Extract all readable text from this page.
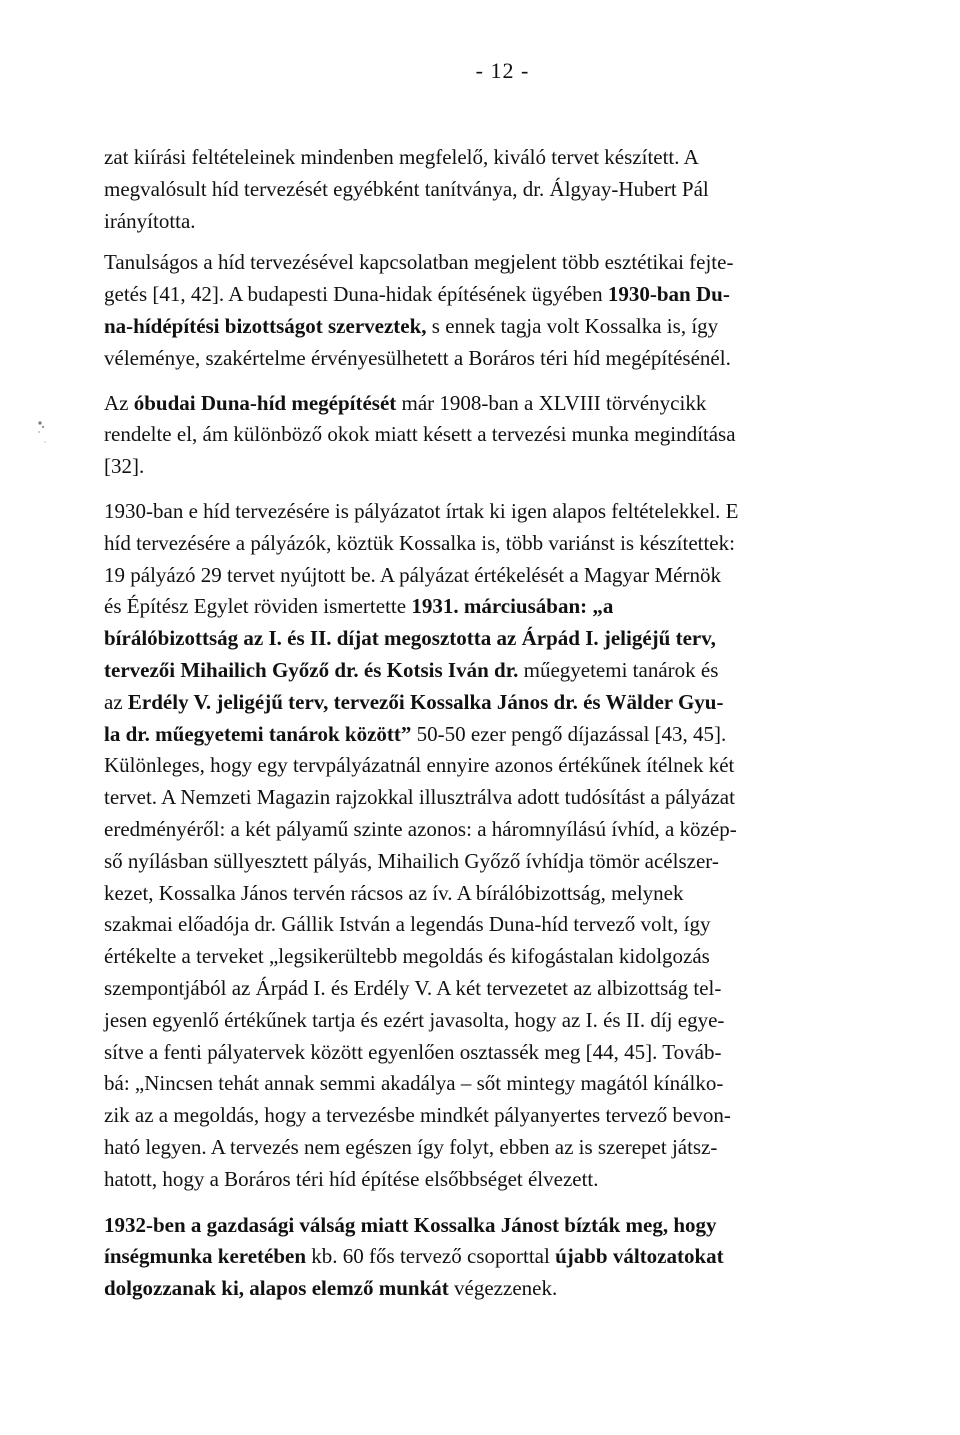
- 12 -

zat kiírási feltételeinek mindenben megfelelő, kiváló tervet készített. A
megvalósult híd tervezését egyébként tanítványa, dr. Álgyay-Hubert Pál
irányította.

Tanulságos a híd tervezésével kapcsolatban megjelent több esztétikai fejte-
getés [41, 42]. A budapesti Duna-hidak építésének ügyében 1930-ban Du-
na-hídépítési bizottságot szerveztek, s ennek tagja volt Kossalka is, így
véleménye, szakértelme érvényesülhetett a Boráros téri híd megépítésénél.

Az óbudai Duna-híd megépítését már 1908-ban a XLVIII törvénycikk
rendelte el, ám különböző okok miatt késett a tervezési munka megindítása
[32].

1930-ban e híd tervezésére is pályázatot írtak ki igen alapos feltételekkel. E
híd tervezésére a pályázók, köztük Kossalka is, több variánst is készítettek:
19 pályázó 29 tervet nyújtott be. A pályázat értékelését a Magyar Mérnök
és Építész Egylet röviden ismertette 1931. márciusában: „a
bírálóbizottság az I. és II. díjat megosztotta az Árpád I. jeligéjű terv,
tervezői Mihailich Győző dr. és Kotsis Iván dr. műegyetemi tanárok és
az Erdély V. jeligéjű terv, tervezői Kossalka János dr. és Wälder Gyu-
la dr. műegyetemi tanárok között” 50-50 ezer pengő díjazással [43, 45].
Különleges, hogy egy tervpályázatnál ennyire azonos értékűnek ítélnek két
tervet. A Nemzeti Magazin rajzokkal illusztrálva adott tudósítást a pályázat
eredményéről: a két pályamű szinte azonos: a háromnyílású ívhíd, a közép-
ső nyílásban süllyesztett pályás, Mihailich Győző ívhídja tömör acélszer-
kezet, Kossalka János tervén rácsos az ív. A bírálóbizottság, melynek
szakmai előadója dr. Gállik István a legendás Duna-híd tervező volt, így
értékelte a terveket „legsikerültebb megoldás és kifogástalan kidolgozás
szempontjából az Árpád I. és Erdély V. A két tervezetet az albizottság tel-
jesen egyenlő értékűnek tartja és ezért javasolta, hogy az I. és II. díj egye-
sítve a fenti pályatervek között egyenlően osztassék meg [44, 45]. Továb-
bá: „Nincsen tehát annak semmi akadálya – sőt mintegy magától kínálko-
zik az a megoldás, hogy a tervezésbe mindkét pályanyertes tervező bevon-
ható legyen. A tervezés nem egészen így folyt, ebben az is szerepet játsz-
hatott, hogy a Boráros téri híd építése elsőbbséget élvezett.

1932-ben a gazdasági válság miatt Kossalka Jánost bízták meg, hogy
ínségmunka keretében kb. 60 fős tervező csoporttal újabb változatokat
dolgozzanak ki, alapos elemző munkát végezzenek.
